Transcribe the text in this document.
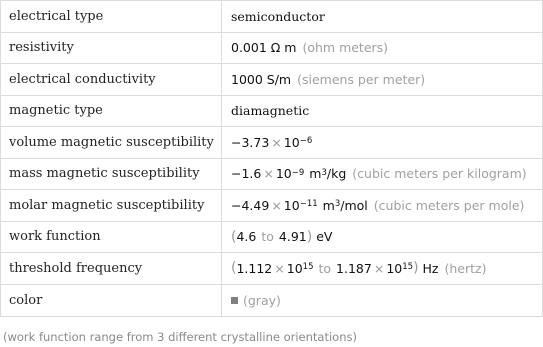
electrical type	semiconductor
resistivity	0.001 Ω m (ohm meters)
electrical conductivity	1000 S/m (siemens per meter)
magnetic type	diamagnetic
volume magnetic susceptibility	$-3.73 \times 10^{-6}$
mass magnetic susceptibility	$-1.6 \times 10^{-9}$ $m^3$ /kg (cubic meters per kilogram)
molar magnetic susceptibility	$-4.49 \times 10^{-11}$ $m^3$ /mol (cubic meters per mole)
work function	( 4.6 to 4.91 ) eV
threshold frequency	( $1.112 \times 10^{15}$ to $1.187 \times 10^{15}$ ) Hz (hertz)
color	(gray)
(work function range from 3 different crystalline orientations)
